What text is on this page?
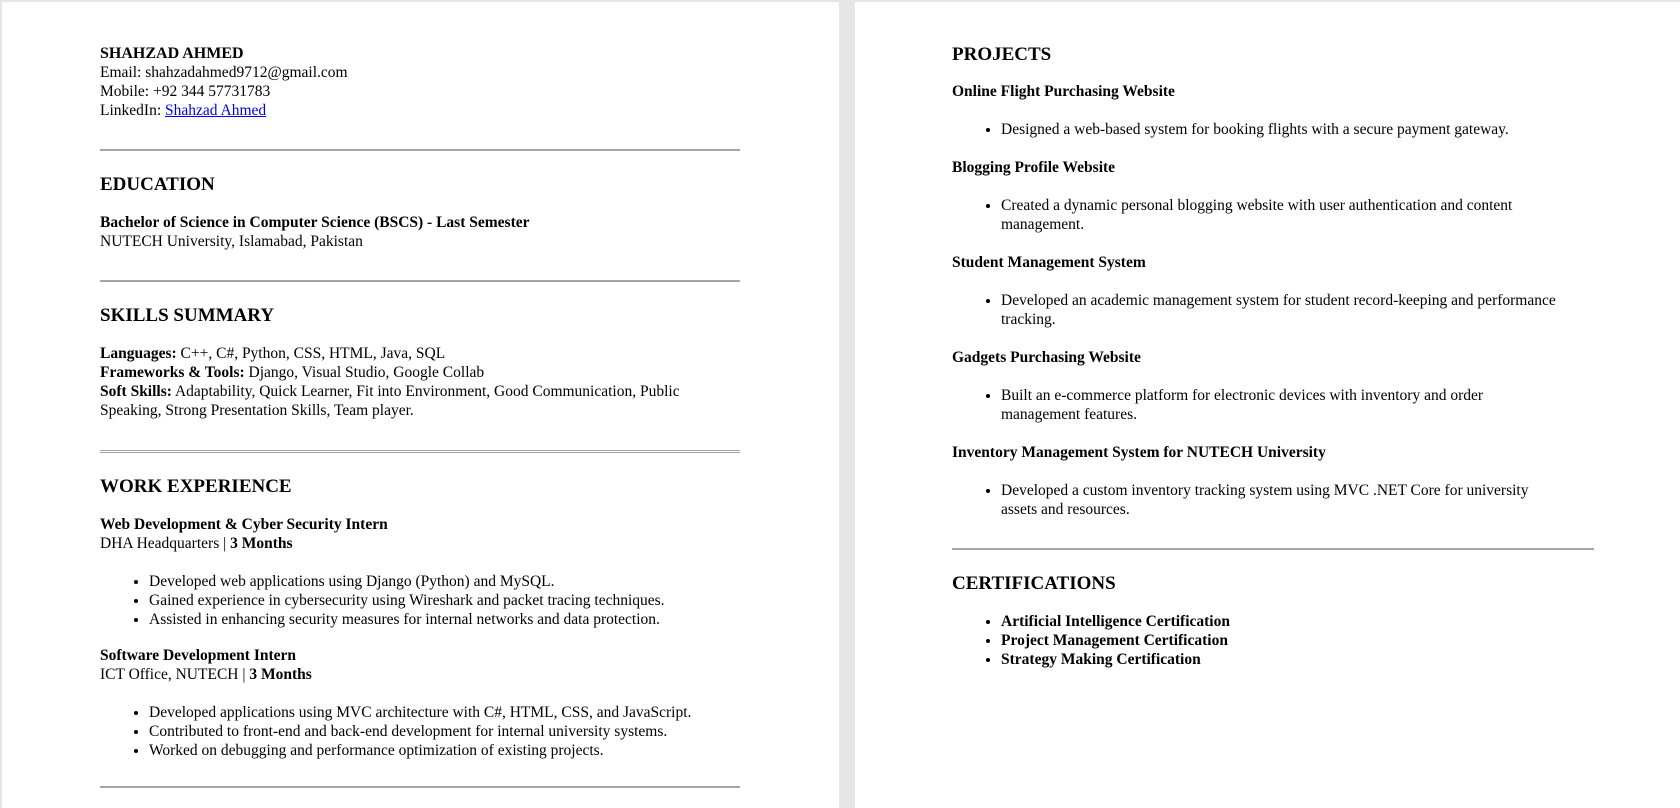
SHAHZAD AHMED
Email: shahzadahmed9712@gmail.com
Mobile: +92 344 57731783
LinkedIn: Shahzad Ahmed
EDUCATION
Bachelor of Science in Computer Science (BSCS) - Last Semester
NUTECH University, Islamabad, Pakistan
SKILLS SUMMARY
Languages: C++, C#, Python, CSS, HTML, Java, SQL
Frameworks & Tools: Django, Visual Studio, Google Collab
Soft Skills: Adaptability, Quick Learner, Fit into Environment, Good Communication, Public
Speaking, Strong Presentation Skills, Team player.
WORK EXPERIENCE
Web Development & Cyber Security Intern
DHA Headquarters | 3 Months
• Developed web applications using Django (Python) and MySQL.
• Gained experience in cybersecurity using Wireshark and packet tracing techniques.
• Assisted in enhancing security measures for internal networks and data protection.
Software Development Intern
ICT Office, NUTECH | 3 Months
• Developed applications using MVC architecture with C#, HTML, CSS, and JavaScript.
• Contributed to front-end and back-end development for internal university systems.
• Worked on debugging and performance optimization of existing projects.
PROJECTS
Online Flight Purchasing Website
• Designed a web-based system for booking flights with a secure payment gateway.
Blogging Profile Website
• Created a dynamic personal blogging website with user authentication and content
management.
Student Management System
• Developed an academic management system for student record-keeping and performance
tracking.
Gadgets Purchasing Website
• Built an e-commerce platform for electronic devices with inventory and order
management features.
Inventory Management System for NUTECH University
• Developed a custom inventory tracking system using MVC .NET Core for university
assets and resources.
CERTIFICATIONS
• Artificial Intelligence Certification
• Project Management Certification
• Strategy Making Certification
